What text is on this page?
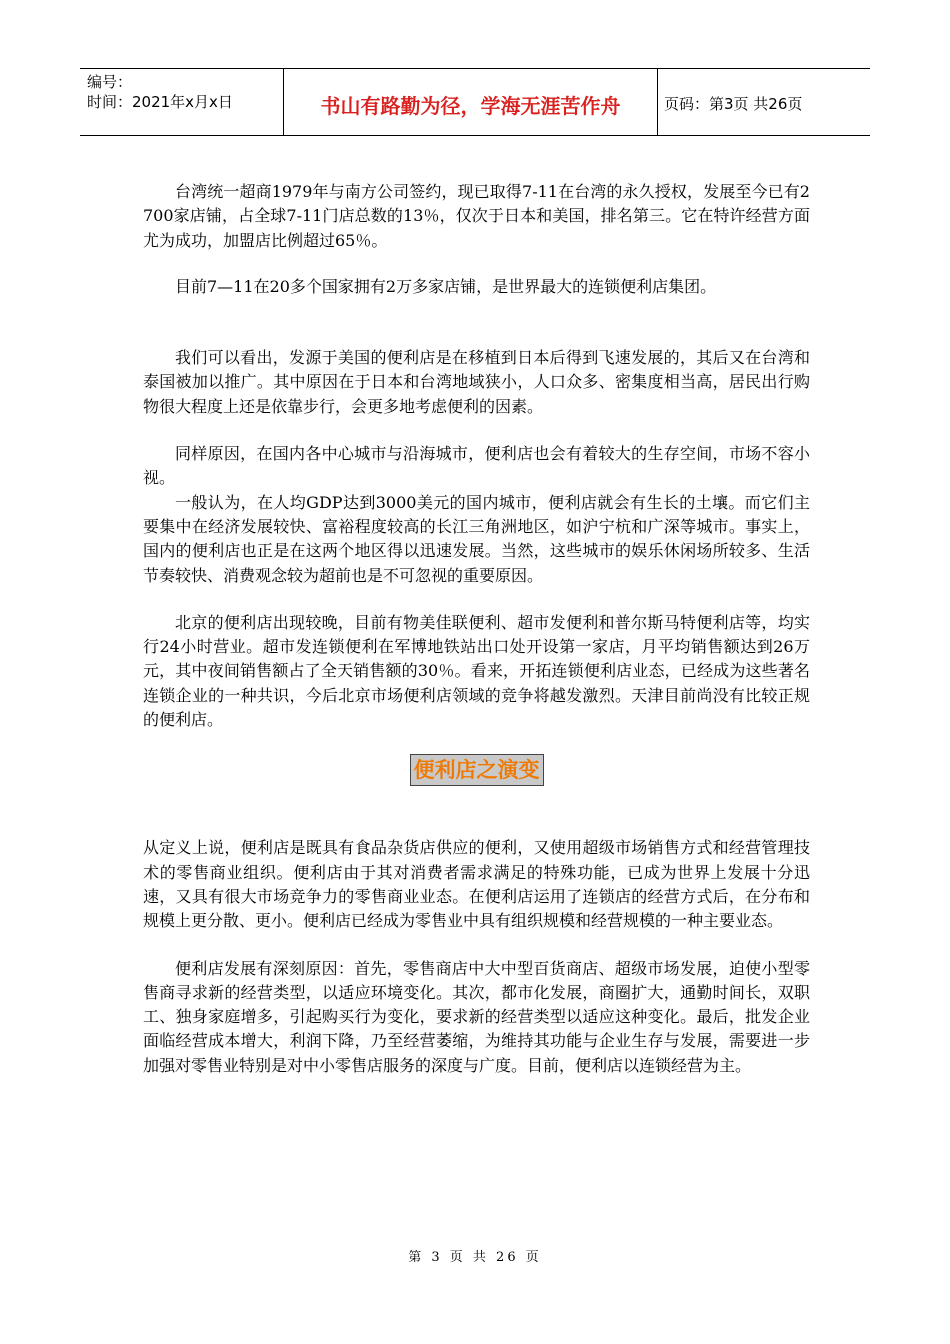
编号：
时间：2021年x月x日	书山有路勤为径，学海无涯苦作舟	页码：第3页 共26页

台湾统一超商1979年与南方公司签约，现已取得7-11在台湾的永久授权，发展至今已有2700家店铺，占全球7-11门店总数的13％，仅次于日本和美国，排名第三。它在特许经营方面尤为成功，加盟店比例超过65％。

目前7—11在20多个国家拥有2万多家店铺，是世界最大的连锁便利店集团。

我们可以看出，发源于美国的便利店是在移植到日本后得到飞速发展的，其后又在台湾和泰国被加以推广。其中原因在于日本和台湾地域狭小，人口众多、密集度相当高，居民出行购物很大程度上还是依靠步行，会更多地考虑便利的因素。

同样原因，在国内各中心城市与沿海城市，便利店也会有着较大的生存空间，市场不容小视。

一般认为，在人均GDP达到3000美元的国内城市，便利店就会有生长的土壤。而它们主要集中在经济发展较快、富裕程度较高的长江三角洲地区，如沪宁杭和广深等城市。事实上，国内的便利店也正是在这两个地区得以迅速发展。当然，这些城市的娱乐休闲场所较多、生活节奏较快、消费观念较为超前也是不可忽视的重要原因。

北京的便利店出现较晚，目前有物美佳联便利、超市发便利和普尔斯马特便利店等，均实行24小时营业。超市发连锁便利在军博地铁站出口处开设第一家店，月平均销售额达到26万元，其中夜间销售额占了全天销售额的30％。看来，开拓连锁便利店业态，已经成为这些著名连锁企业的一种共识，今后北京市场便利店领域的竞争将越发激烈。天津目前尚没有比较正规的便利店。

便利店之演变

从定义上说，便利店是既具有食品杂货店供应的便利，又使用超级市场销售方式和经营管理技术的零售商业组织。便利店由于其对消费者需求满足的特殊功能，已成为世界上发展十分迅速，又具有很大市场竞争力的零售商业业态。在便利店运用了连锁店的经营方式后，在分布和规模上更分散、更小。便利店已经成为零售业中具有组织规模和经营规模的一种主要业态。

便利店发展有深刻原因：首先，零售商店中大中型百货商店、超级市场发展，迫使小型零售商寻求新的经营类型，以适应环境变化。其次，都市化发展，商圈扩大，通勤时间长，双职工、独身家庭增多，引起购买行为变化，要求新的经营类型以适应这种变化。最后，批发企业面临经营成本增大，利润下降，乃至经营萎缩，为维持其功能与企业生存与发展，需要进一步加强对零售业特别是对中小零售店服务的深度与广度。目前，便利店以连锁经营为主。

第 3 页 共 26 页
